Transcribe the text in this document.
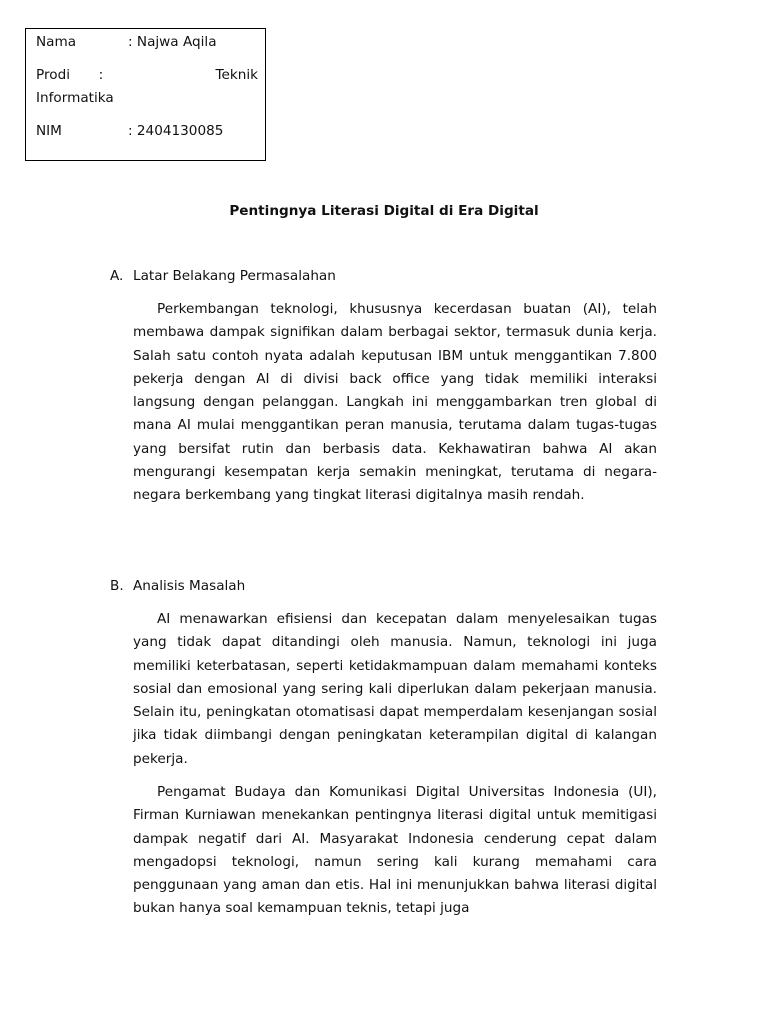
Nama	: Najwa Aqila
Prodi :	Teknik
Informatika
NIM	: 2404130085
Pentingnya Literasi Digital di Era Digital
A. Latar Belakang Permasalahan

Perkembangan teknologi, khususnya kecerdasan buatan (AI), telah membawa dampak signifikan dalam berbagai sektor, termasuk dunia kerja. Salah satu contoh nyata adalah keputusan IBM untuk menggantikan 7.800 pekerja dengan AI di divisi back office yang tidak memiliki interaksi langsung dengan pelanggan. Langkah ini menggambarkan tren global di mana AI mulai menggantikan peran manusia, terutama dalam tugas-tugas yang bersifat rutin dan berbasis data. Kekhawatiran bahwa AI akan mengurangi kesempatan kerja semakin meningkat, terutama di negara-negara berkembang yang tingkat literasi digitalnya masih rendah.

B. Analisis Masalah

AI menawarkan efisiensi dan kecepatan dalam menyelesaikan tugas yang tidak dapat ditandingi oleh manusia. Namun, teknologi ini juga memiliki keterbatasan, seperti ketidakmampuan dalam memahami konteks sosial dan emosional yang sering kali diperlukan dalam pekerjaan manusia. Selain itu, peningkatan otomatisasi dapat memperdalam kesenjangan sosial jika tidak diimbangi dengan peningkatan keterampilan digital di kalangan pekerja.

Pengamat Budaya dan Komunikasi Digital Universitas Indonesia (UI), Firman Kurniawan menekankan pentingnya literasi digital untuk memitigasi dampak negatif dari AI. Masyarakat Indonesia cenderung cepat dalam mengadopsi teknologi, namun sering kali kurang memahami cara penggunaan yang aman dan etis. Hal ini menunjukkan bahwa literasi digital bukan hanya soal kemampuan teknis, tetapi juga
